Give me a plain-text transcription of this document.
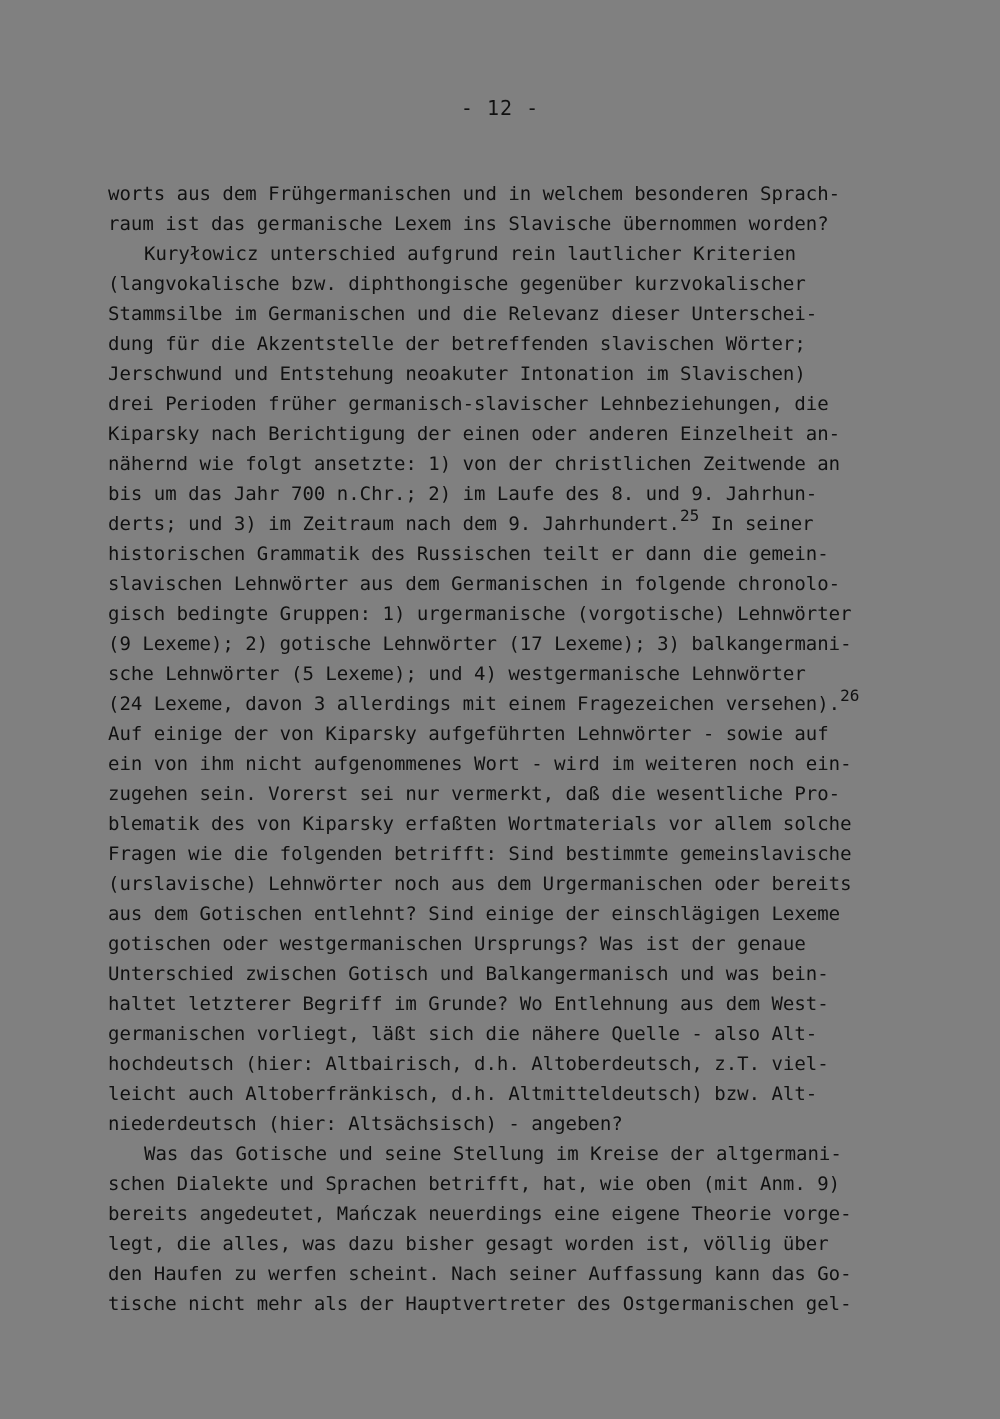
- 12 -
worts aus dem Frühgermanischen und in welchem besonderen Sprach-
raum ist das germanische Lexem ins Slavische übernommen worden?
Kuryłowicz unterschied aufgrund rein lautlicher Kriterien
(langvokalische bzw. diphthongische gegenüber kurzvokalischer
Stammsilbe im Germanischen und die Relevanz dieser Unterschei-
dung für die Akzentstelle der betreffenden slavischen Wörter;
Jerschwund und Entstehung neoakuter Intonation im Slavischen)
drei Perioden früher germanisch-slavischer Lehnbeziehungen, die
Kiparsky nach Berichtigung der einen oder anderen Einzelheit an-
nähernd wie folgt ansetzte: 1) von der christlichen Zeitwende an
bis um das Jahr 700 n.Chr.; 2) im Laufe des 8. und 9. Jahrhun-
derts; und 3) im Zeitraum nach dem 9. Jahrhundert.$^{25}$ In seiner
historischen Grammatik des Russischen teilt er dann die gemein-
slavischen Lehnwörter aus dem Germanischen in folgende chronolo-
gisch bedingte Gruppen: 1) urgermanische (vorgotische) Lehnwörter
(9 Lexeme); 2) gotische Lehnwörter (17 Lexeme); 3) balkangermani-
sche Lehnwörter (5 Lexeme); und 4) westgermanische Lehnwörter
(24 Lexeme, davon 3 allerdings mit einem Fragezeichen versehen).$^{26}$
Auf einige der von Kiparsky aufgeführten Lehnwörter - sowie auf
ein von ihm nicht aufgenommenes Wort - wird im weiteren noch ein-
zugehen sein. Vorerst sei nur vermerkt, daß die wesentliche Pro-
blematik des von Kiparsky erfaßten Wortmaterials vor allem solche
Fragen wie die folgenden betrifft: Sind bestimmte gemeinslavische
(urslavische) Lehnwörter noch aus dem Urgermanischen oder bereits
aus dem Gotischen entlehnt? Sind einige der einschlägigen Lexeme
gotischen oder westgermanischen Ursprungs? Was ist der genaue
Unterschied zwischen Gotisch und Balkangermanisch und was bein-
haltet letzterer Begriff im Grunde? Wo Entlehnung aus dem West-
germanischen vorliegt, läßt sich die nähere Quelle - also Alt-
hochdeutsch (hier: Altbairisch, d.h. Altoberdeutsch, z.T. viel-
leicht auch Altoberfränkisch, d.h. Altmitteldeutsch) bzw. Alt-
niederdeutsch (hier: Altsächsisch) - angeben?
Was das Gotische und seine Stellung im Kreise der altgermani-
schen Dialekte und Sprachen betrifft, hat, wie oben (mit Anm. 9)
bereits angedeutet, Mańczak neuerdings eine eigene Theorie vorge-
legt, die alles, was dazu bisher gesagt worden ist, völlig über
den Haufen zu werfen scheint. Nach seiner Auffassung kann das Go-
tische nicht mehr als der Hauptvertreter des Ostgermanischen gel-
